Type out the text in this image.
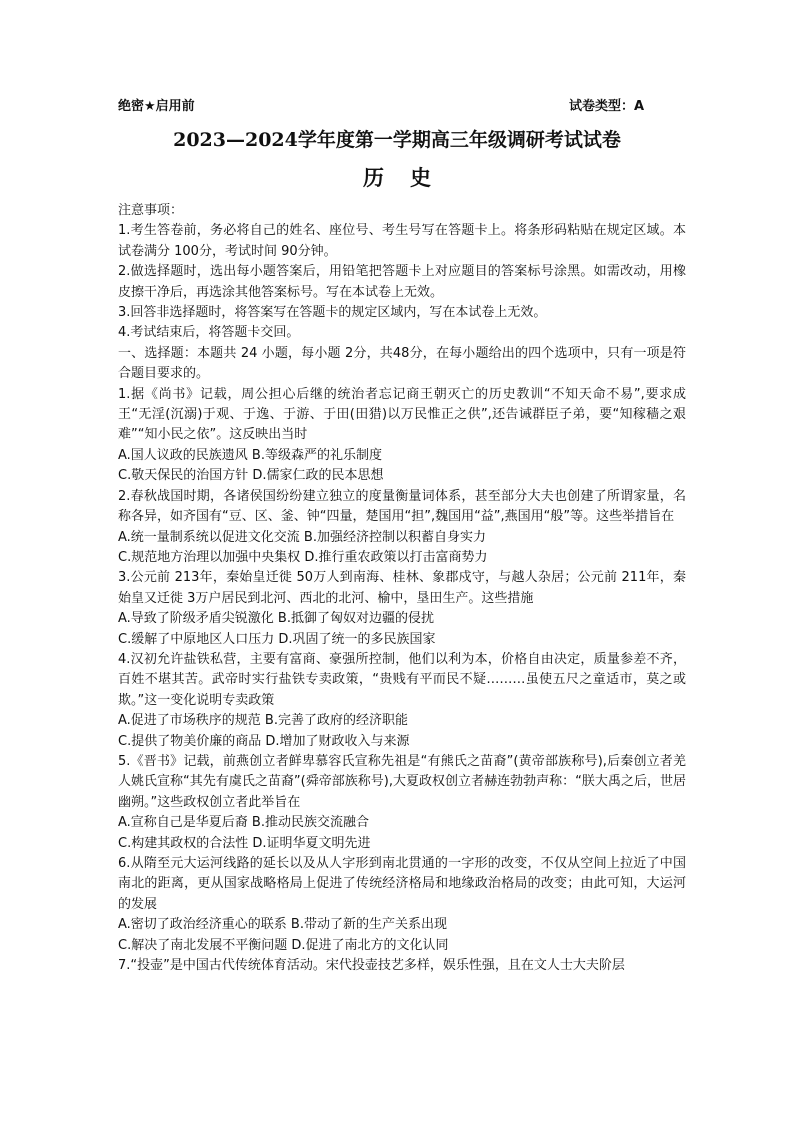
绝密★启用前	试卷类型：A
2023—2024学年度第一学期高三年级调研考试试卷
历史

注意事项：

1.考生答卷前，务必将自己的姓名、座位号、考生号写在答题卡上。将条形码粘贴在规定区域。本试卷满分 100分，考试时间 90分钟。

2.做选择题时，选出每小题答案后，用铅笔把答题卡上对应题目的答案标号涂黑。如需改动，用橡皮擦干净后，再选涂其他答案标号。写在本试卷上无效。

3.回答非选择题时，将答案写在答题卡的规定区域内，写在本试卷上无效。

4.考试结束后，将答题卡交回。

一、选择题：本题共 24 小题，每小题 2分，共48分，在每小题给出的四个选项中，只有一项是符合题目要求的。

1.据《尚书》记载，周公担心后继的统治者忘记商王朝灭亡的历史教训“不知天命不易”,要求成王“无淫(沉溺)于观、于逸、于游、于田(田猎)以万民惟正之供”,还告诫群臣子弟，要“知稼穑之艰难”“知小民之依”。这反映出当时

A.国人议政的民族遗风 B.等级森严的礼乐制度

C.敬天保民的治国方针 D.儒家仁政的民本思想

2.春秋战国时期，各诸侯国纷纷建立独立的度量衡量词体系，甚至部分大夫也创建了所谓家量，名称各异，如齐国有“豆、区、釜、钟“四量，楚国用“担”,魏国用“益”,燕国用“般”等。这些举措旨在

A.统一量制系统以促进文化交流 B.加强经济控制以积蓄自身实力

C.规范地方治理以加强中央集权 D.推行重农政策以打击富商势力

3.公元前 213年，秦始皇迁徙 50万人到南海、桂林、象郡戍守，与越人杂居；公元前 211年，秦始皇又迁徙 3万户居民到北河、西北的北河、榆中，垦田生产。这些措施

A.导致了阶级矛盾尖锐激化 B.抵御了匈奴对边疆的侵扰

C.缓解了中原地区人口压力 D.巩固了统一的多民族国家

4.汉初允许盐铁私营，主要有富商、豪强所控制，他们以利为本，价格自由决定，质量参差不齐，百姓不堪其苦。武帝时实行盐铁专卖政策，“贵贱有平而民不疑………虽使五尺之童适市，莫之或欺。”这一变化说明专卖政策

A.促进了市场秩序的规范 B.完善了政府的经济职能

C.提供了物美价廉的商品 D.增加了财政收入与来源

5.《晋书》记载，前燕创立者鲜卑慕容氏宣称先祖是“有熊氏之苗裔”(黄帝部族称号),后秦创立者羌人姚氏宣称“其先有虞氏之苗裔”(舜帝部族称号),大夏政权创立者赫连勃勃声称：“朕大禹之后，世居幽朔。”这些政权创立者此举旨在

A.宣称自己是华夏后裔 B.推动民族交流融合

C.构建其政权的合法性 D.证明华夏文明先进

6.从隋至元大运河线路的延长以及从人字形到南北贯通的一字形的改变，不仅从空间上拉近了中国南北的距离，更从国家战略格局上促进了传统经济格局和地缘政治格局的改变；由此可知，大运河的发展

A.密切了政治经济重心的联系 B.带动了新的生产关系出现

C.解决了南北发展不平衡问题 D.促进了南北方的文化认同

7.“投壶”是中国古代传统体育活动。宋代投壶技艺多样，娱乐性强，且在文人士大夫阶层
